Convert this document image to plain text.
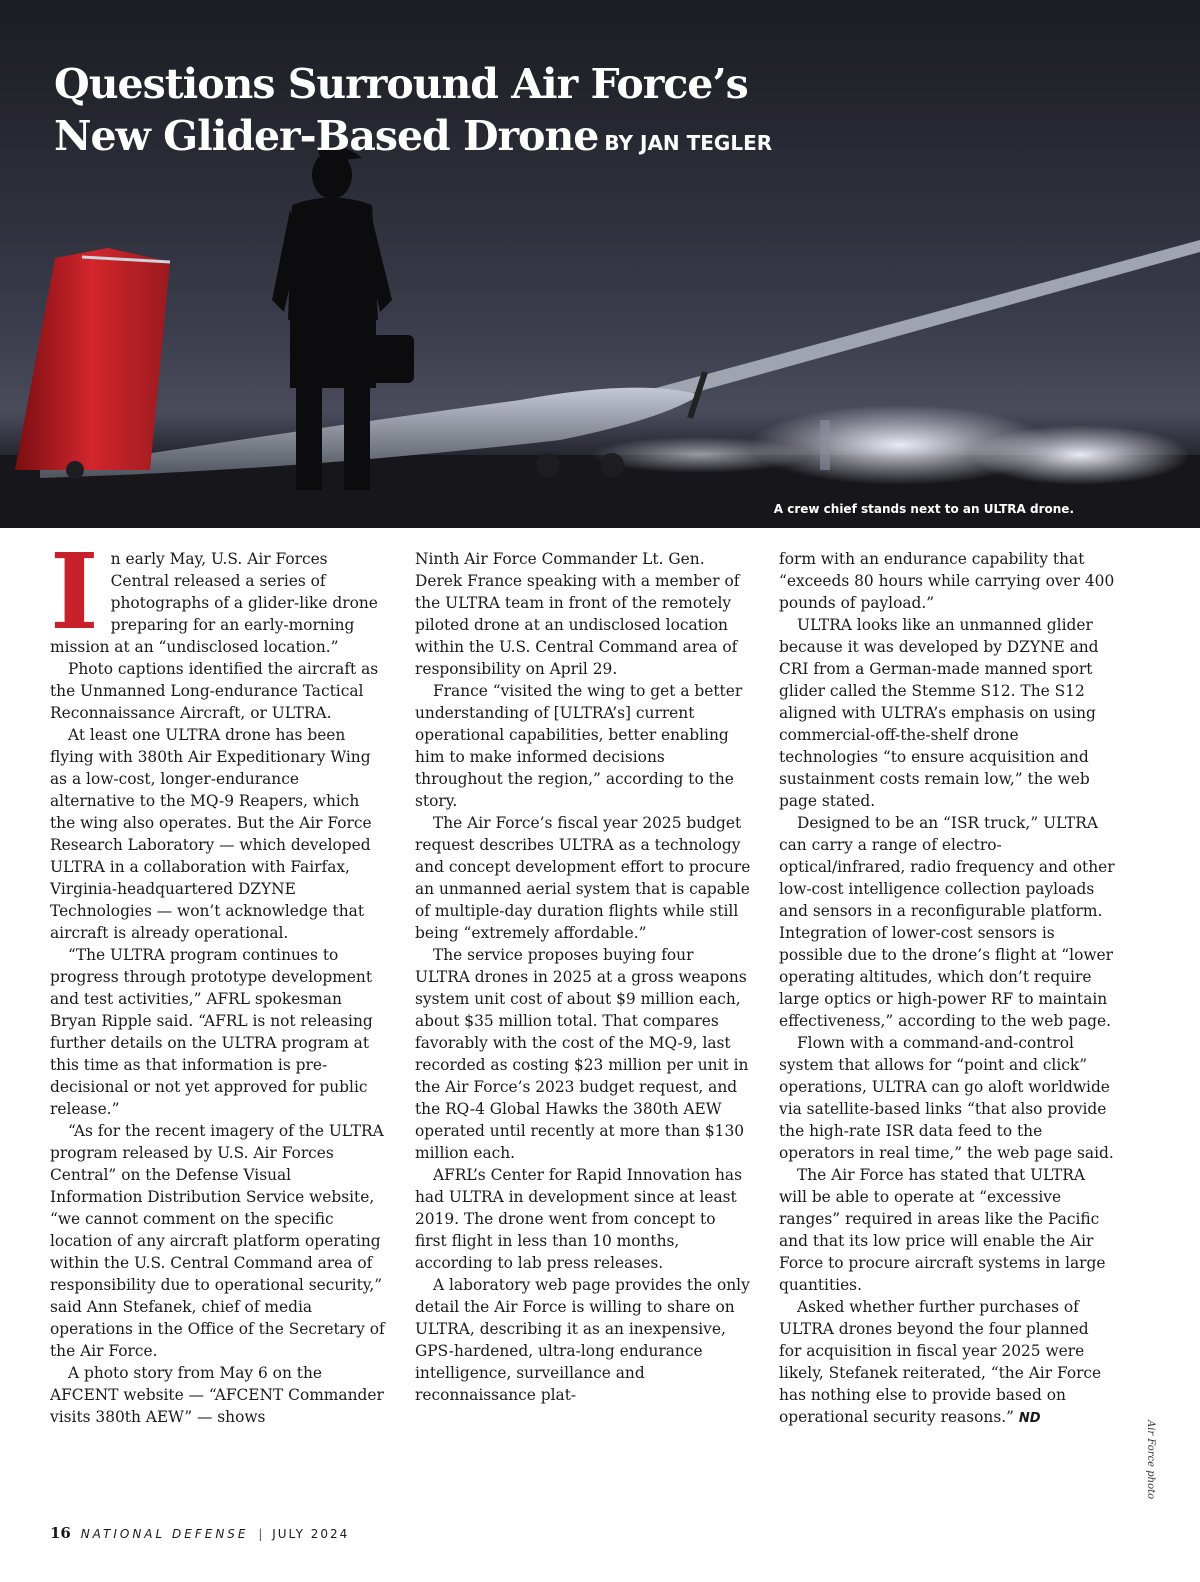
Questions Surround Air Force’s
New Glider-Based Drone BY JAN TEGLER
A crew chief stands next to an ULTRA drone.

In early May, U.S. Air Forces Central released a series of photographs of a glider-like drone preparing for an early-morning mission at an “undisclosed location.”

Photo captions identified the aircraft as the Unmanned Long-endurance Tactical Reconnaissance Aircraft, or ULTRA.

At least one ULTRA drone has been flying with 380th Air Expeditionary Wing as a low-cost, longer-endurance alternative to the MQ-9 Reapers, which the wing also operates. But the Air Force Research Laboratory — which developed ULTRA in a collaboration with Fairfax, Virginia-headquartered DZYNE Technologies — won’t acknowledge that aircraft is already operational.

“The ULTRA program continues to progress through prototype development and test activities,” AFRL spokesman Bryan Ripple said. “AFRL is not releasing further details on the ULTRA program at this time as that information is pre-decisional or not yet approved for public release.”

“As for the recent imagery of the ULTRA program released by U.S. Air Forces Central” on the Defense Visual Information Distribution Service website, “we cannot comment on the specific location of any aircraft platform operating within the U.S. Central Command area of responsibility due to operational security,” said Ann Stefanek, chief of media operations in the Office of the Secretary of the Air Force.

A photo story from May 6 on the AFCENT website — “AFCENT Commander visits 380th AEW” — shows

Ninth Air Force Commander Lt. Gen. Derek France speaking with a member of the ULTRA team in front of the remotely piloted drone at an undisclosed location within the U.S. Central Command area of responsibility on April 29.

France “visited the wing to get a better understanding of [ULTRA’s] current operational capabilities, better enabling him to make informed decisions throughout the region,” according to the story.

The Air Force’s fiscal year 2025 budget request describes ULTRA as a technology and concept development effort to procure an unmanned aerial system that is capable of multiple-day duration flights while still being “extremely affordable.”

The service proposes buying four ULTRA drones in 2025 at a gross weapons system unit cost of about $9 million each, about $35 million total. That compares favorably with the cost of the MQ-9, last recorded as costing $23 million per unit in the Air Force’s 2023 budget request, and the RQ-4 Global Hawks the 380th AEW operated until recently at more than $130 million each.

AFRL’s Center for Rapid Innovation has had ULTRA in development since at least 2019. The drone went from concept to first flight in less than 10 months, according to lab press releases.

A laboratory web page provides the only detail the Air Force is willing to share on ULTRA, describing it as an inexpensive, GPS-hardened, ultra-long endurance intelligence, surveillance and reconnaissance plat-

form with an endurance capability that “exceeds 80 hours while carrying over 400 pounds of payload.”

ULTRA looks like an unmanned glider because it was developed by DZYNE and CRI from a German-made manned sport glider called the Stemme S12. The S12 aligned with ULTRA’s emphasis on using commercial-off-the-shelf drone technologies “to ensure acquisition and sustainment costs remain low,” the web page stated.

Designed to be an “ISR truck,” ULTRA can carry a range of electro-optical/infrared, radio frequency and other low-cost intelligence collection payloads and sensors in a reconfigurable platform. Integration of lower-cost sensors is possible due to the drone’s flight at “lower operating altitudes, which don’t require large optics or high-power RF to maintain effectiveness,” according to the web page.

Flown with a command-and-control system that allows for “point and click” operations, ULTRA can go aloft worldwide via satellite-based links “that also provide the high-rate ISR data feed to the operators in real time,” the web page said.

The Air Force has stated that ULTRA will be able to operate at “excessive ranges” required in areas like the Pacific and that its low price will enable the Air Force to procure aircraft systems in large quantities.

Asked whether further purchases of ULTRA drones beyond the four planned for acquisition in fiscal year 2025 were likely, Stefanek reiterated, “the Air Force has nothing else to provide based on operational security reasons.” ND

Air Force photo
16 NATIONAL DEFENSE | JULY 2024
